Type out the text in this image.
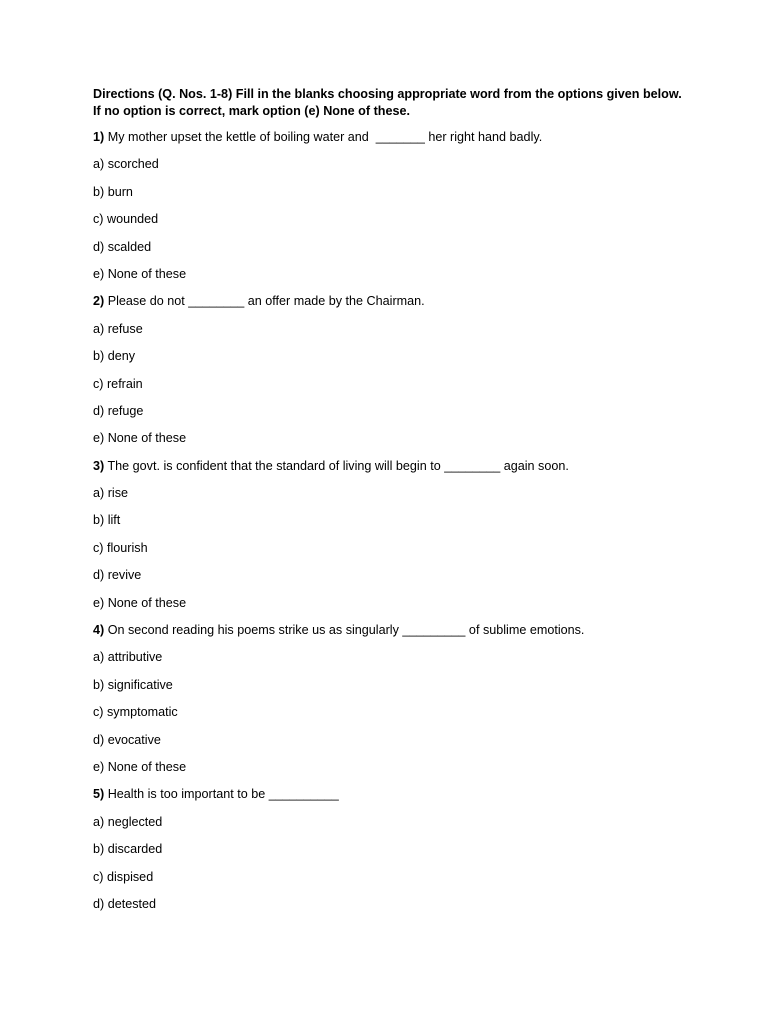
Directions (Q. Nos. 1-8) Fill in the blanks choosing appropriate word from the options given below.
If no option is correct, mark option (e) None of these.
1) My mother upset the kettle of boiling water and  _______ her right hand badly.
a) scorched
b) burn
c) wounded
d) scalded
e) None of these
2) Please do not ________ an offer made by the Chairman.
a) refuse
b) deny
c) refrain
d) refuge
e) None of these
3) The govt. is confident that the standard of living will begin to ________ again soon.
a) rise
b) lift
c) flourish
d) revive
e) None of these
4) On second reading his poems strike us as singularly _________ of sublime emotions.
a) attributive
b) significative
c) symptomatic
d) evocative
e) None of these
5) Health is too important to be __________
a) neglected
b) discarded
c) dispised
d) detested
